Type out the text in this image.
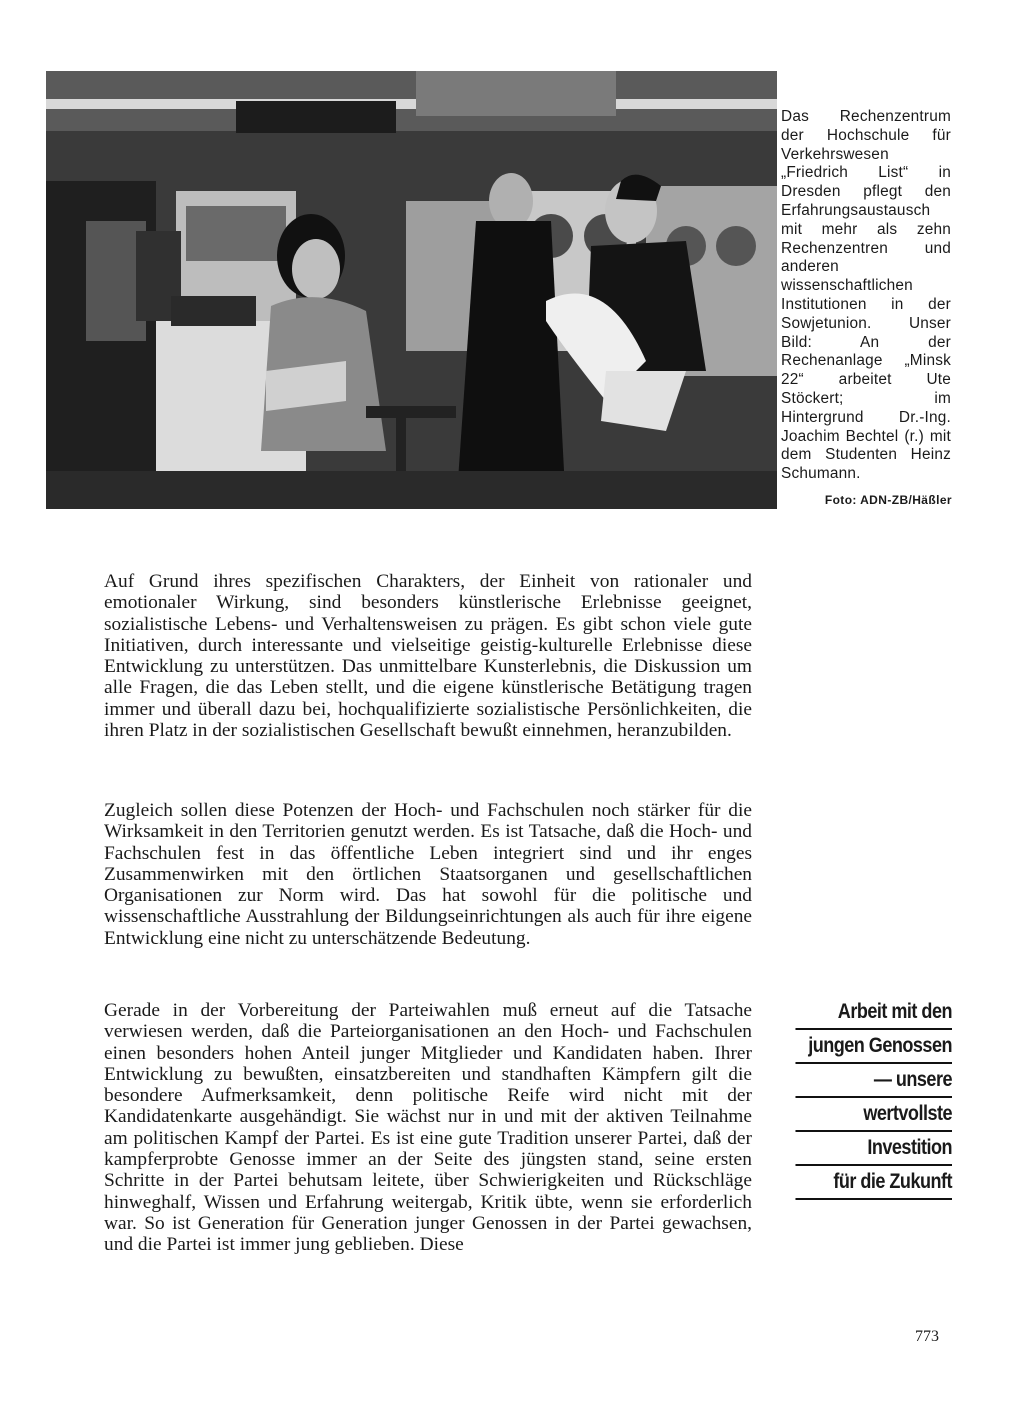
Das Rechenzentrum der Hochschule für Verkehrswesen „Friedrich List“ in Dresden pflegt den Erfahrungsaustausch mit mehr als zehn Rechenzentren und anderen wissenschaftlichen Institutionen in der Sowjetunion. Unser Bild: An der Rechenanlage „Minsk 22“ arbeitet Ute Stöckert; im Hintergrund Dr.-Ing. Joachim Bechtel (r.) mit dem Studenten Heinz Schumann.

Foto: ADN-ZB/Häßler

Auf Grund ihres spezifischen Charakters, der Einheit von rationaler und emotionaler Wirkung, sind besonders künstlerische Erlebnisse geeignet, sozialistische Lebens- und Verhaltensweisen zu prägen. Es gibt schon viele gute Initiativen, durch interessante und vielseitige geistig-kulturelle Erlebnisse diese Entwicklung zu unterstützen. Das unmittelbare Kunsterlebnis, die Diskussion um alle Fragen, die das Leben stellt, und die eigene künstlerische Betätigung tragen immer und überall dazu bei, hochqualifizierte sozialistische Persönlichkeiten, die ihren Platz in der sozialistischen Gesellschaft bewußt einnehmen, heranzubilden.

Zugleich sollen diese Potenzen der Hoch- und Fachschulen noch stärker für die Wirksamkeit in den Territorien genutzt werden. Es ist Tatsache, daß die Hoch- und Fachschulen fest in das öffentliche Leben integriert sind und ihr enges Zusammenwirken mit den örtlichen Staatsorganen und gesellschaftlichen Organisationen zur Norm wird. Das hat sowohl für die politische und wissenschaftliche Ausstrahlung der Bildungseinrichtungen als auch für ihre eigene Entwicklung eine nicht zu unterschätzende Bedeutung.

Gerade in der Vorbereitung der Parteiwahlen muß erneut auf die Tatsache verwiesen werden, daß die Parteiorganisationen an den Hoch- und Fachschulen einen besonders hohen Anteil junger Mitglieder und Kandidaten haben. Ihrer Entwicklung zu bewußten, einsatzbereiten und standhaften Kämpfern gilt die besondere Aufmerksamkeit, denn politische Reife wird nicht mit der Kandidatenkarte ausgehändigt. Sie wächst nur in und mit der aktiven Teilnahme am politischen Kampf der Partei. Es ist eine gute Tradition unserer Partei, daß der kampferprobte Genosse immer an der Seite des jüngsten stand, seine ersten Schritte in der Partei behutsam leitete, über Schwierigkeiten und Rückschläge hinweghalf, Wissen und Erfahrung weitergab, Kritik übte, wenn sie erforderlich war. So ist Generation für Generation junger Genossen in der Partei gewachsen, und die Partei ist immer jung geblieben. Diese

Arbeit mit den
jungen Genossen
— unsere
wertvollste
Investition
für die Zukunft

773
